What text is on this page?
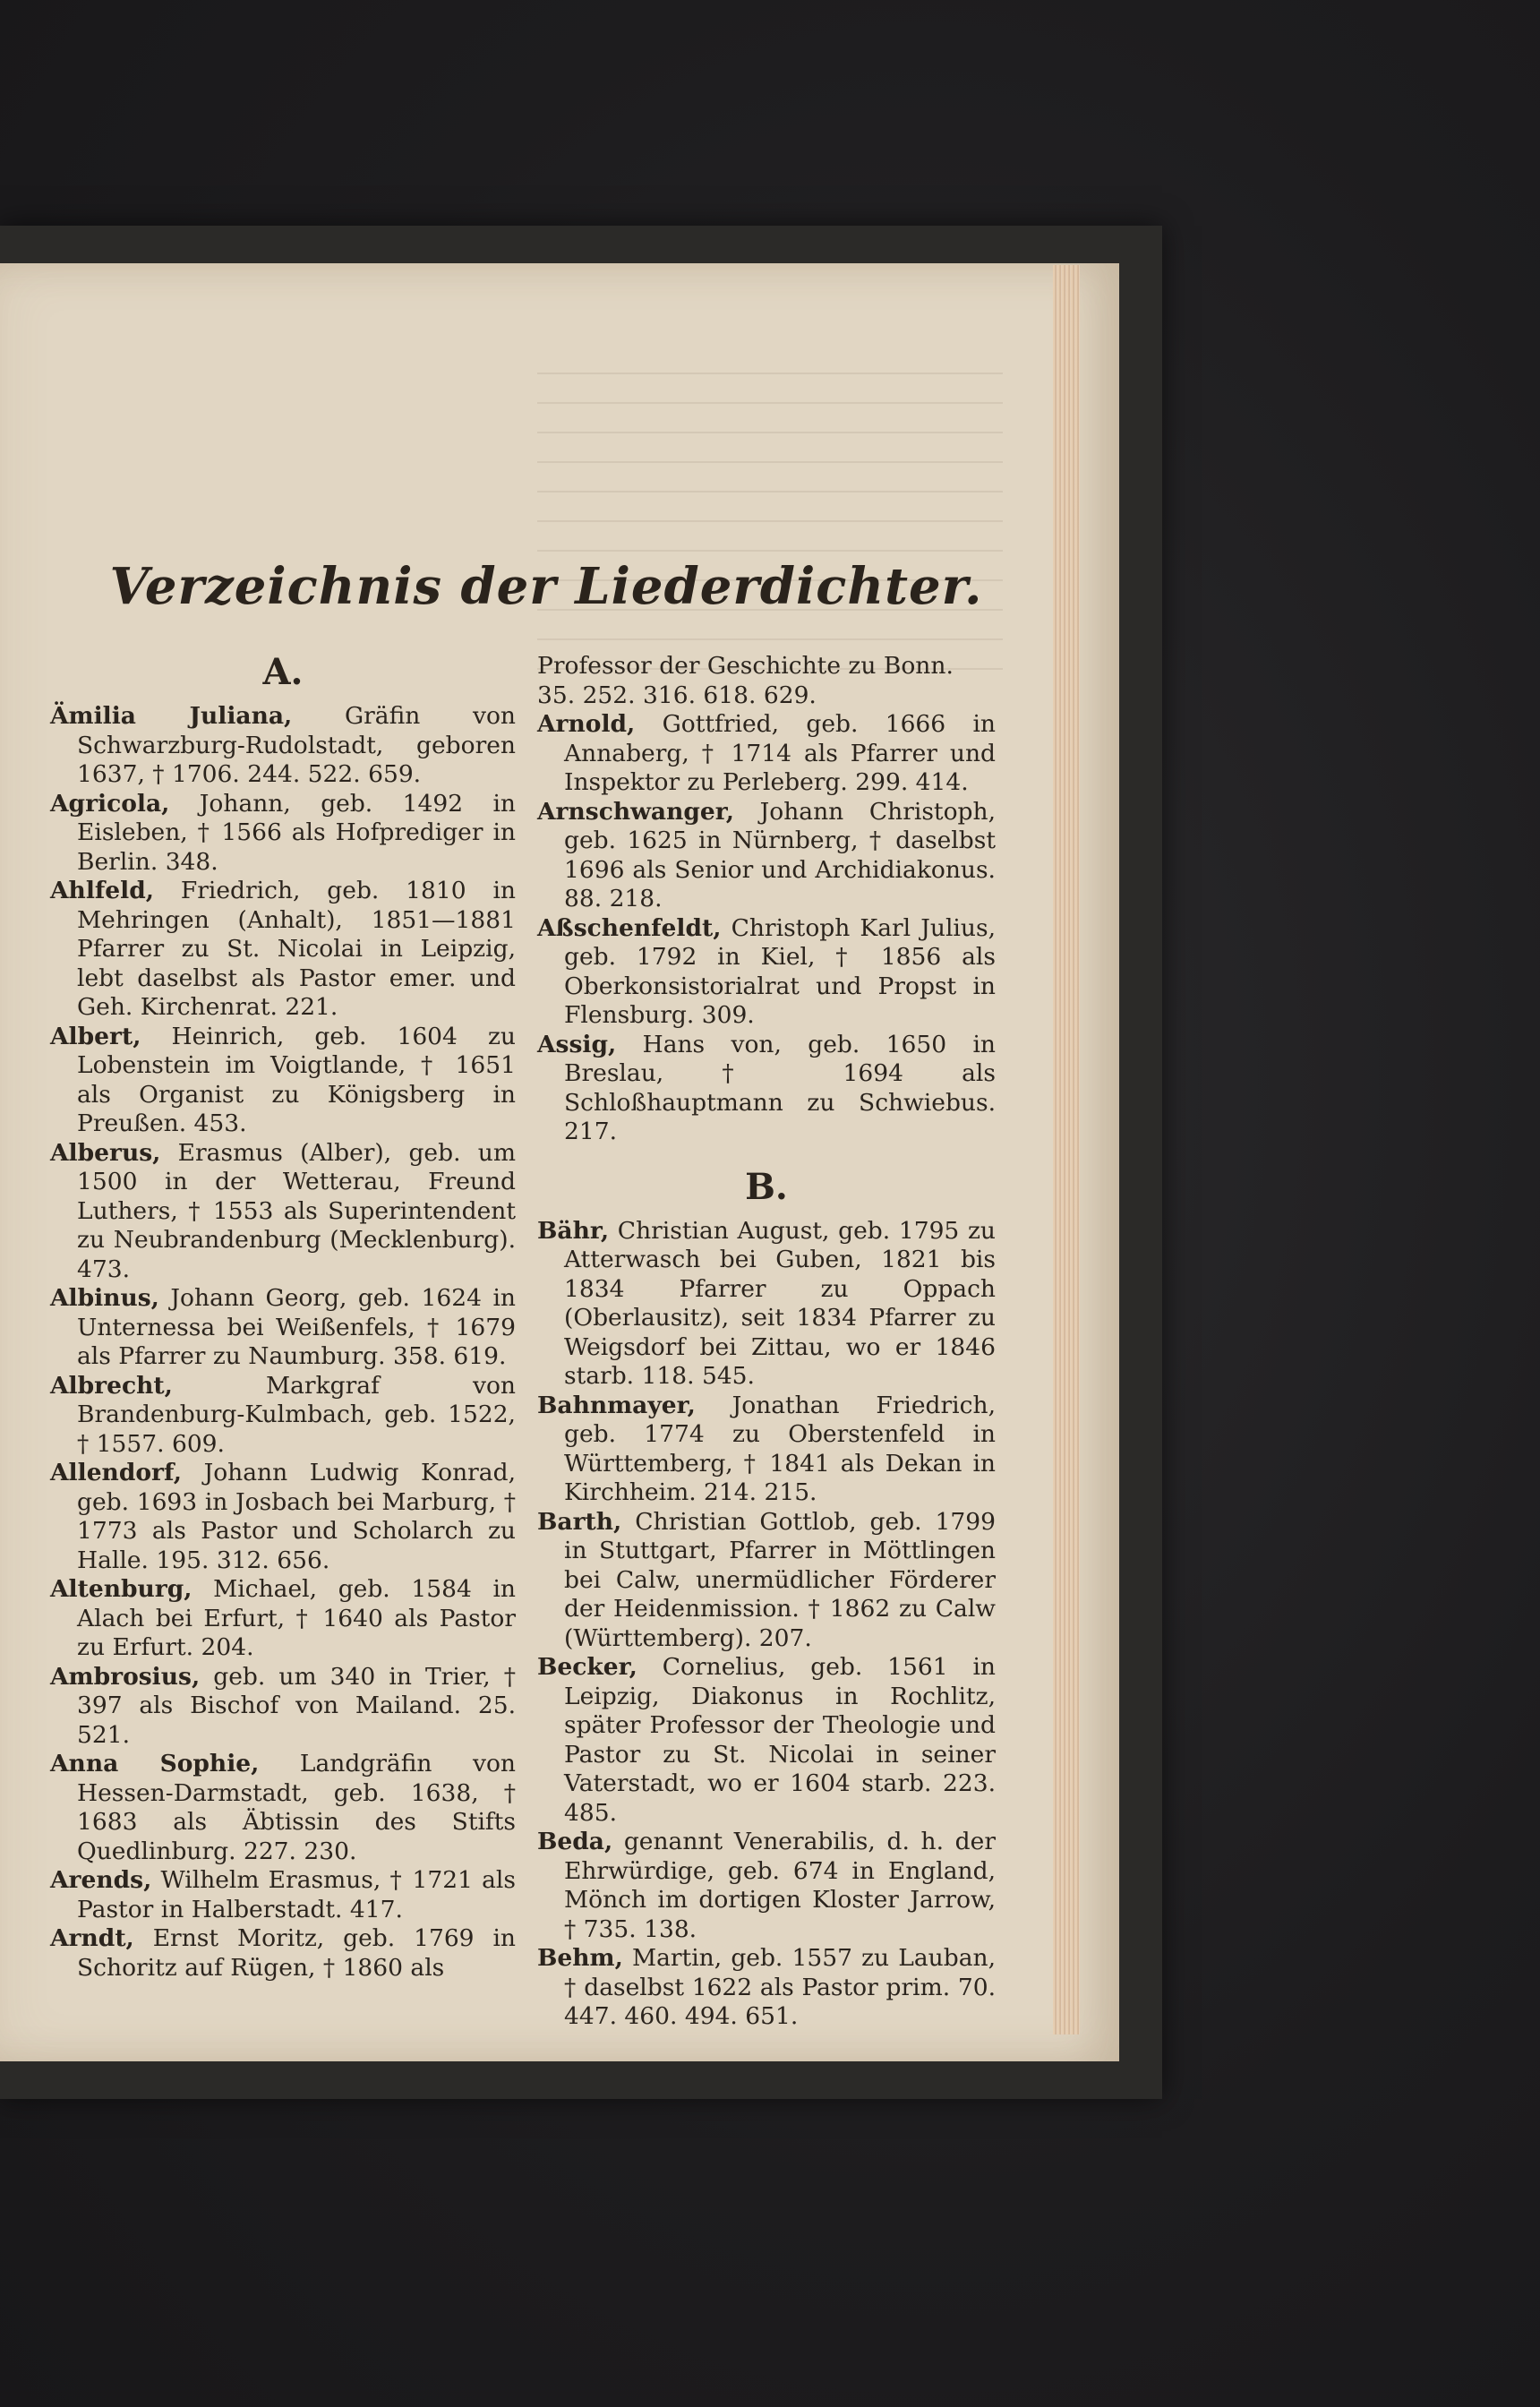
Verzeichnis der Liederdichter.
A.

Ämilia Juliana, Gräfin von Schwarzburg-Rudolstadt, geboren 1637, † 1706. 244. 522. 659.

Agricola, Johann, geb. 1492 in Eisleben, † 1566 als Hofprediger in Berlin. 348.

Ahlfeld, Friedrich, geb. 1810 in Mehringen (Anhalt), 1851—1881 Pfarrer zu St. Nicolai in Leipzig, lebt daselbst als Pastor emer. und Geh. Kirchenrat. 221.

Albert, Heinrich, geb. 1604 zu Lobenstein im Voigtlande, † 1651 als Organist zu Königsberg in Preußen. 453.

Alberus, Erasmus (Alber), geb. um 1500 in der Wetterau, Freund Luthers, † 1553 als Superintendent zu Neubrandenburg (Mecklenburg). 473.

Albinus, Johann Georg, geb. 1624 in Unternessa bei Weißenfels, † 1679 als Pfarrer zu Naumburg. 358. 619.

Albrecht, Markgraf von Brandenburg-Kulmbach, geb. 1522, † 1557. 609.

Allendorf, Johann Ludwig Konrad, geb. 1693 in Josbach bei Marburg, † 1773 als Pastor und Scholarch zu Halle. 195. 312. 656.

Altenburg, Michael, geb. 1584 in Alach bei Erfurt, † 1640 als Pastor zu Erfurt. 204.

Ambrosius, geb. um 340 in Trier, † 397 als Bischof von Mailand. 25. 521.

Anna Sophie, Landgräfin von Hessen-Darmstadt, geb. 1638, † 1683 als Äbtissin des Stifts Quedlinburg. 227. 230.

Arends, Wilhelm Erasmus, † 1721 als Pastor in Halberstadt. 417.

Arndt, Ernst Moritz, geb. 1769 in Schoritz auf Rügen, † 1860 als

Professor der Geschichte zu Bonn. 35. 252. 316. 618. 629.

Arnold, Gottfried, geb. 1666 in Annaberg, † 1714 als Pfarrer und Inspektor zu Perleberg. 299. 414.

Arnschwanger, Johann Christoph, geb. 1625 in Nürnberg, † daselbst 1696 als Senior und Archidiakonus. 88. 218.

Aßschenfeldt, Christoph Karl Julius, geb. 1792 in Kiel, † 1856 als Oberkonsistorialrat und Propst in Flensburg. 309.

Assig, Hans von, geb. 1650 in Breslau, † 1694 als Schloßhauptmann zu Schwiebus. 217.

B.

Bähr, Christian August, geb. 1795 zu Atterwasch bei Guben, 1821 bis 1834 Pfarrer zu Oppach (Oberlausitz), seit 1834 Pfarrer zu Weigsdorf bei Zittau, wo er 1846 starb. 118. 545.

Bahnmayer, Jonathan Friedrich, geb. 1774 zu Oberstenfeld in Württemberg, † 1841 als Dekan in Kirchheim. 214. 215.

Barth, Christian Gottlob, geb. 1799 in Stuttgart, Pfarrer in Möttlingen bei Calw, unermüdlicher Förderer der Heidenmission. † 1862 zu Calw (Württemberg). 207.

Becker, Cornelius, geb. 1561 in Leipzig, Diakonus in Rochlitz, später Professor der Theologie und Pastor zu St. Nicolai in seiner Vaterstadt, wo er 1604 starb. 223. 485.

Beda, genannt Venerabilis, d. h. der Ehrwürdige, geb. 674 in England, Mönch im dortigen Kloster Jarrow, † 735. 138.

Behm, Martin, geb. 1557 zu Lauban, † daselbst 1622 als Pastor prim. 70. 447. 460. 494. 651.
